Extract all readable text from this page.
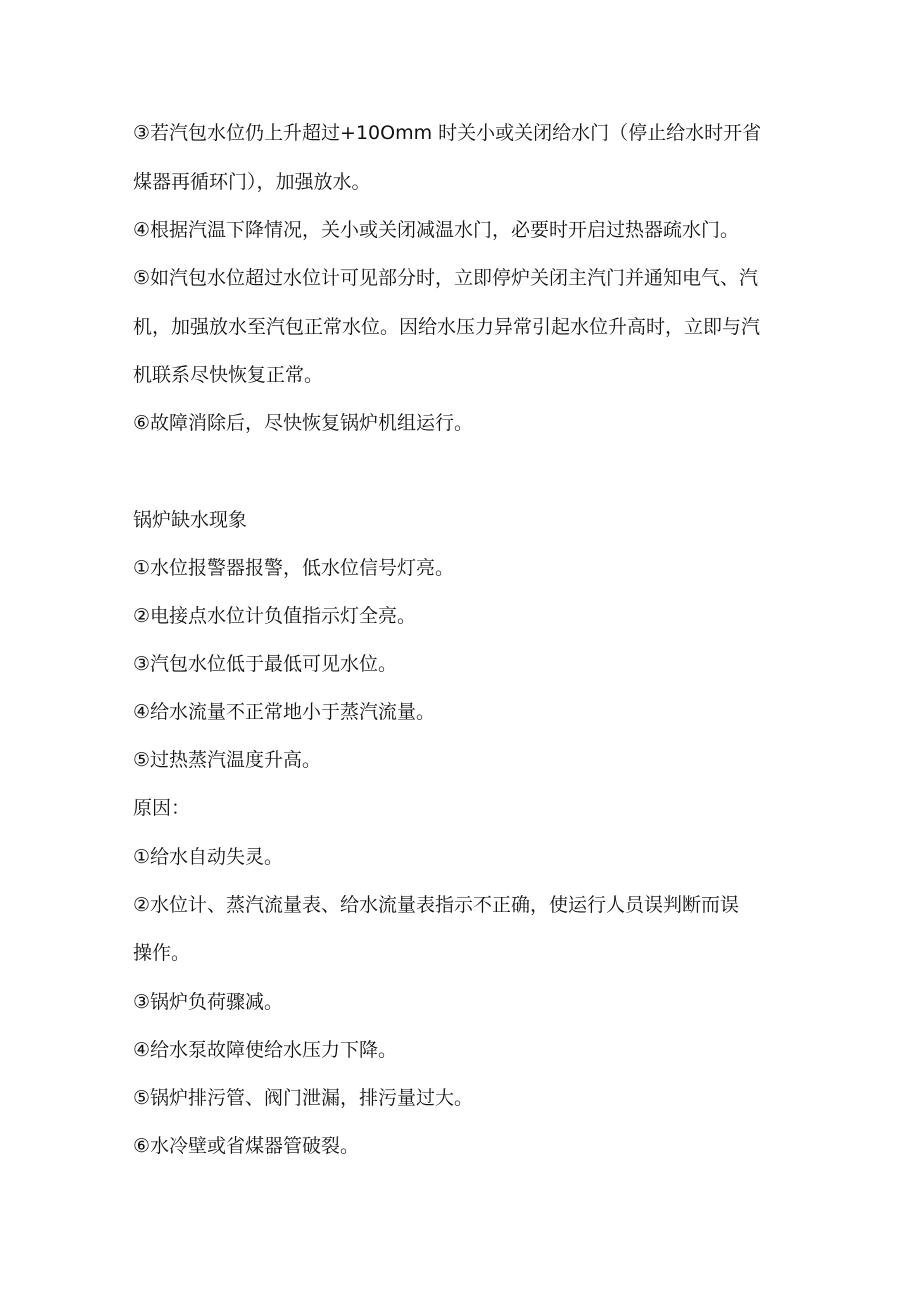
③若汽包水位仍上升超过+10Omm 时关小或关闭给水门（停止给水时开省
煤器再循环门），加强放水。
④根据汽温下降情况，关小或关闭减温水门，必要时开启过热器疏水门。
⑤如汽包水位超过水位计可见部分时，立即停炉关闭主汽门并通知电气、汽
机，加强放水至汽包正常水位。因给水压力异常引起水位升高时，立即与汽
机联系尽快恢复正常。
⑥故障消除后，尽快恢复锅炉机组运行。
锅炉缺水现象
①水位报警器报警，低水位信号灯亮。
②电接点水位计负值指示灯全亮。
③汽包水位低于最低可见水位。
④给水流量不正常地小于蒸汽流量。
⑤过热蒸汽温度升高。
原因：
①给水自动失灵。
②水位计、蒸汽流量表、给水流量表指示不正确，使运行人员误判断而误
操作。
③锅炉负荷骤减。
④给水泵故障使给水压力下降。
⑤锅炉排污管、阀门泄漏，排污量过大。
⑥水冷壁或省煤器管破裂。
